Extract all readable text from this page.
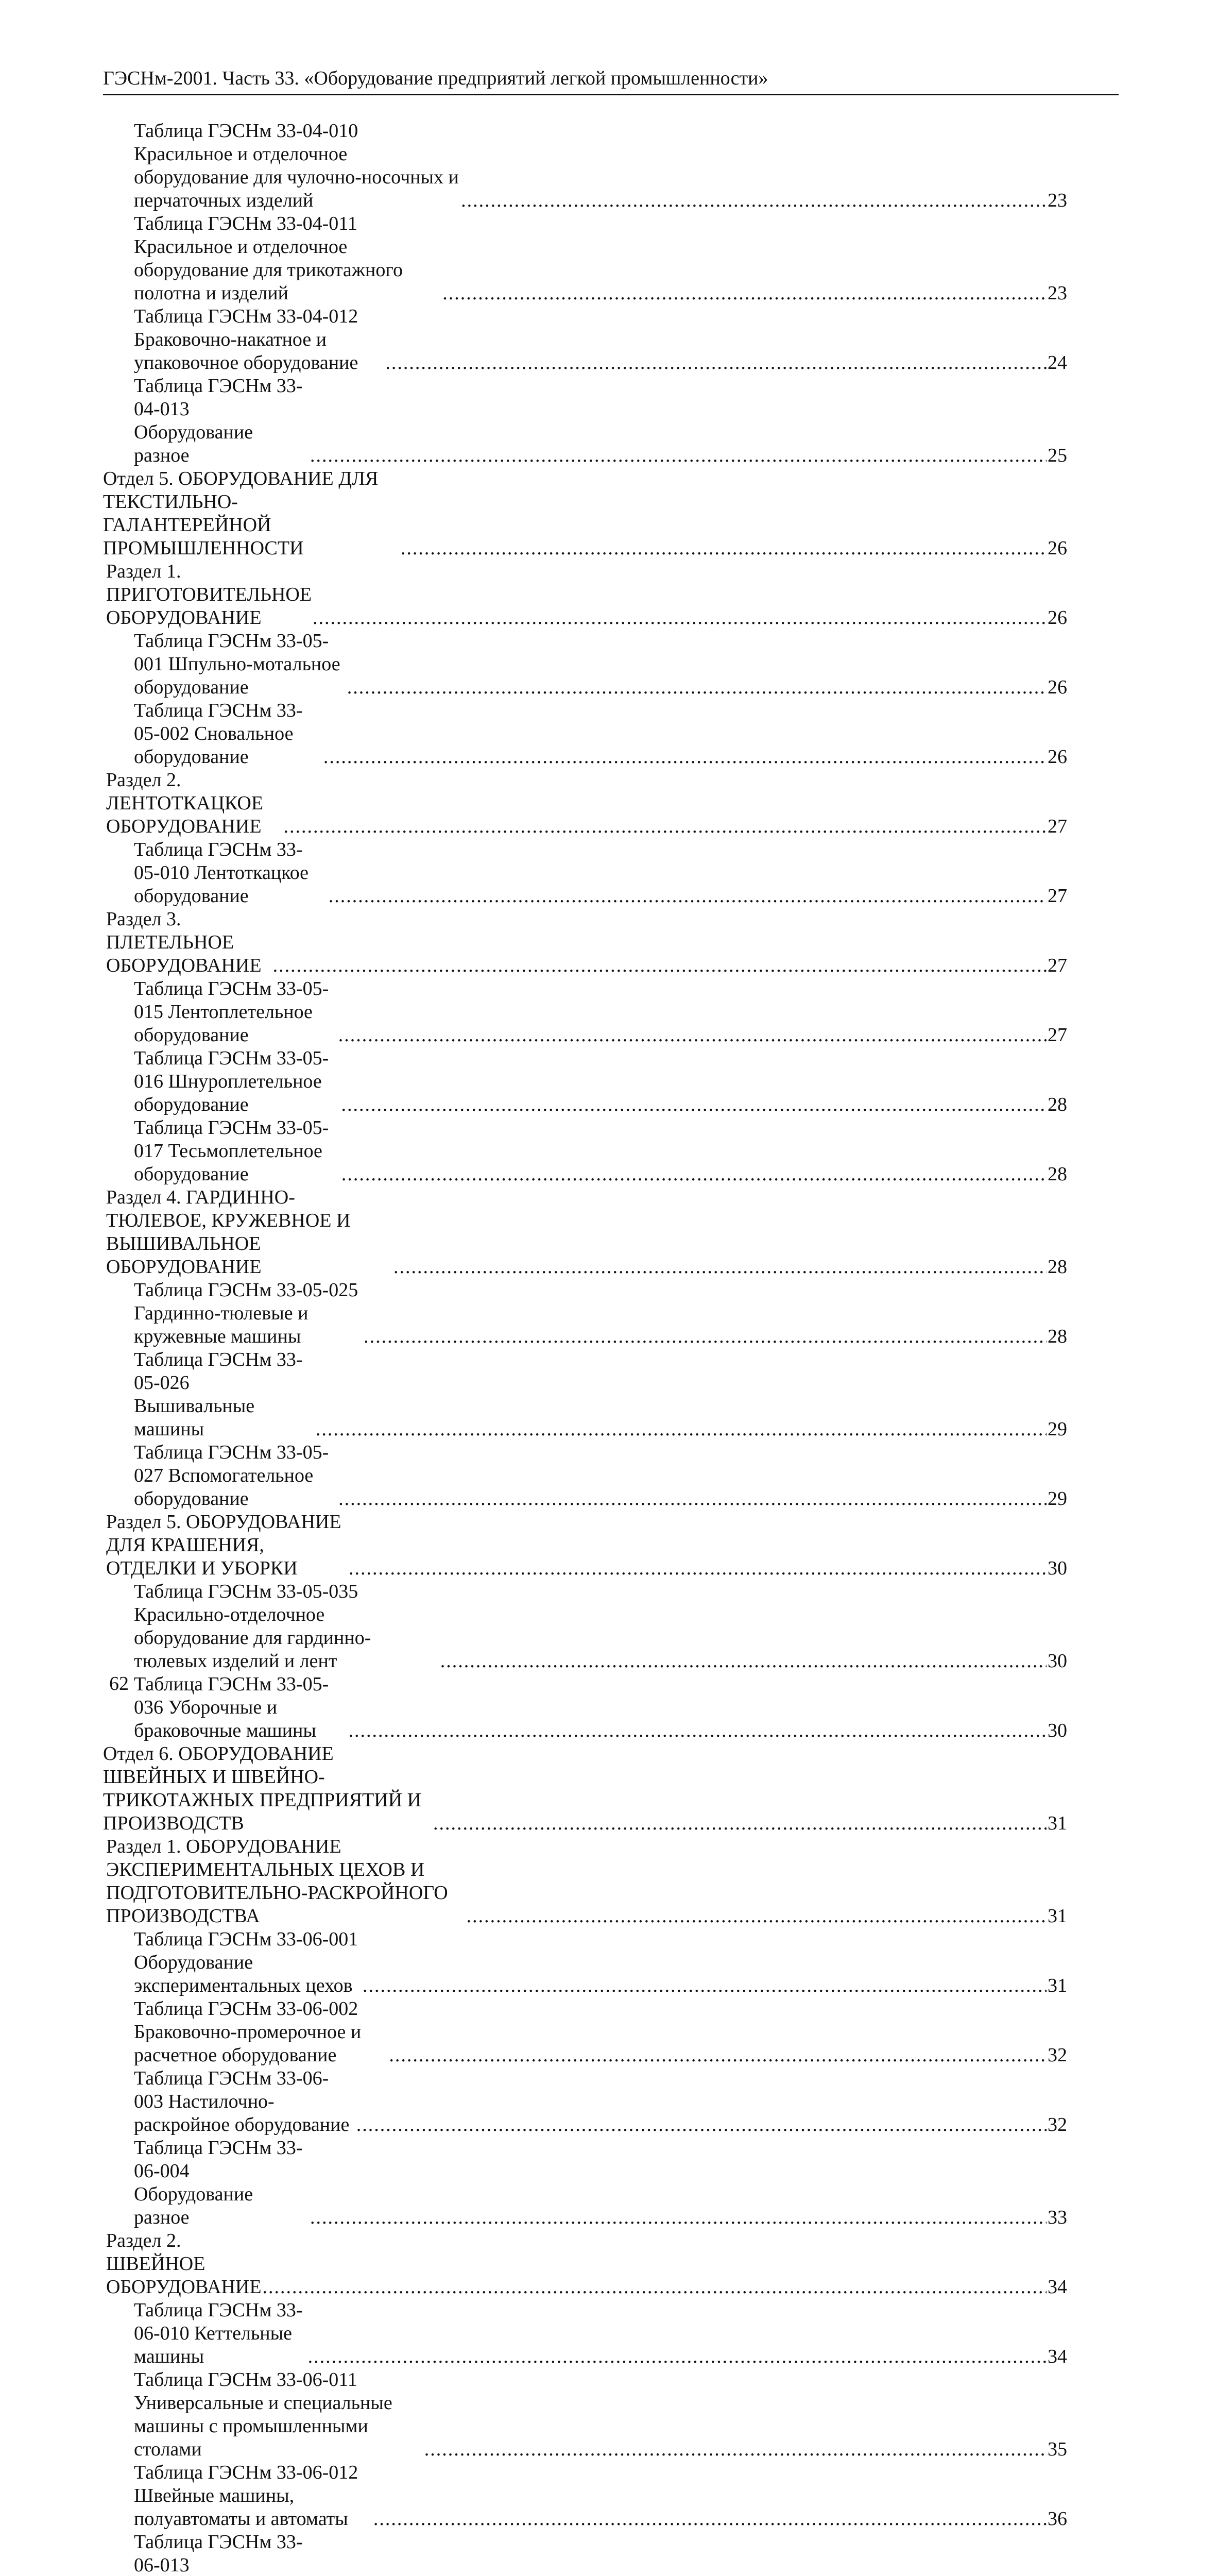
ГЭСНм-2001. Часть 33. «Оборудование предприятий легкой промышленности»
Таблица ГЭСНм 33-04-010 Красильное и отделочное оборудование для чулочно-носочных и перчаточных изделий .....	23
Таблица ГЭСНм 33-04-011 Красильное и отделочное оборудование для трикотажного полотна и изделий .....	23
Таблица ГЭСНм 33-04-012 Браковочно-накатное и упаковочное оборудование .....	24
Таблица ГЭСНм 33-04-013 Оборудование разное .....	25
Отдел 5. ОБОРУДОВАНИЕ ДЛЯ ТЕКСТИЛЬНО-ГАЛАНТЕРЕЙНОЙ ПРОМЫШЛЕННОСТИ .....	26
Раздел 1. ПРИГОТОВИТЕЛЬНОЕ ОБОРУДОВАНИЕ .....	26
Таблица ГЭСНм 33-05-001 Шпульно-мотальное оборудование .....	26
Таблица ГЭСНм 33-05-002 Сновальное оборудование .....	26
Раздел 2. ЛЕНТОТКАЦКОЕ ОБОРУДОВАНИЕ .....	27
Таблица ГЭСНм 33-05-010 Лентоткацкое оборудование .....	27
Раздел 3. ПЛЕТЕЛЬНОЕ ОБОРУДОВАНИЕ .....	27
Таблица ГЭСНм 33-05-015 Лентоплетельное оборудование .....	27
Таблица ГЭСНм 33-05-016 Шнуроплетельное оборудование .....	28
Таблица ГЭСНм 33-05-017 Тесьмоплетельное оборудование .....	28
Раздел 4. ГАРДИННО-ТЮЛЕВОЕ, КРУЖЕВНОЕ И ВЫШИВАЛЬНОЕ ОБОРУДОВАНИЕ .....	28
Таблица ГЭСНм 33-05-025 Гардинно-тюлевые и кружевные машины .....	28
Таблица ГЭСНм 33-05-026 Вышивальные машины .....	29
Таблица ГЭСНм 33-05-027 Вспомогательное оборудование .....	29
Раздел 5. ОБОРУДОВАНИЕ ДЛЯ КРАШЕНИЯ, ОТДЕЛКИ И УБОРКИ .....	30
Таблица ГЭСНм 33-05-035 Красильно-отделочное оборудование для гардинно-тюлевых изделий и лент .....	30
Таблица ГЭСНм 33-05-036 Уборочные и браковочные машины .....	30
Отдел 6. ОБОРУДОВАНИЕ ШВЕЙНЫХ И ШВЕЙНО-ТРИКОТАЖНЫХ ПРЕДПРИЯТИЙ И ПРОИЗВОДСТВ .....	31
Раздел 1. ОБОРУДОВАНИЕ ЭКСПЕРИМЕНТАЛЬНЫХ ЦЕХОВ И ПОДГОТОВИТЕЛЬНО-РАСКРОЙНОГО ПРОИЗВОДСТВА .....	31
Таблица ГЭСНм 33-06-001 Оборудование экспериментальных цехов .....	31
Таблица ГЭСНм 33-06-002 Браковочно-промерочное и расчетное оборудование .....	32
Таблица ГЭСНм 33-06-003 Настилочно-раскройное оборудование .....	32
Таблица ГЭСНм 33-06-004 Оборудование разное .....	33
Раздел 2. ШВЕЙНОЕ ОБОРУДОВАНИЕ .....	34
Таблица ГЭСНм 33-06-010 Кеттельные машины .....	34
Таблица ГЭСНм 33-06-011 Универсальные и специальные машины с промышленными столами .....	35
Таблица ГЭСНм 33-06-012 Швейные машины, полуавтоматы и автоматы .....	36
Таблица ГЭСНм 33-06-013
62
